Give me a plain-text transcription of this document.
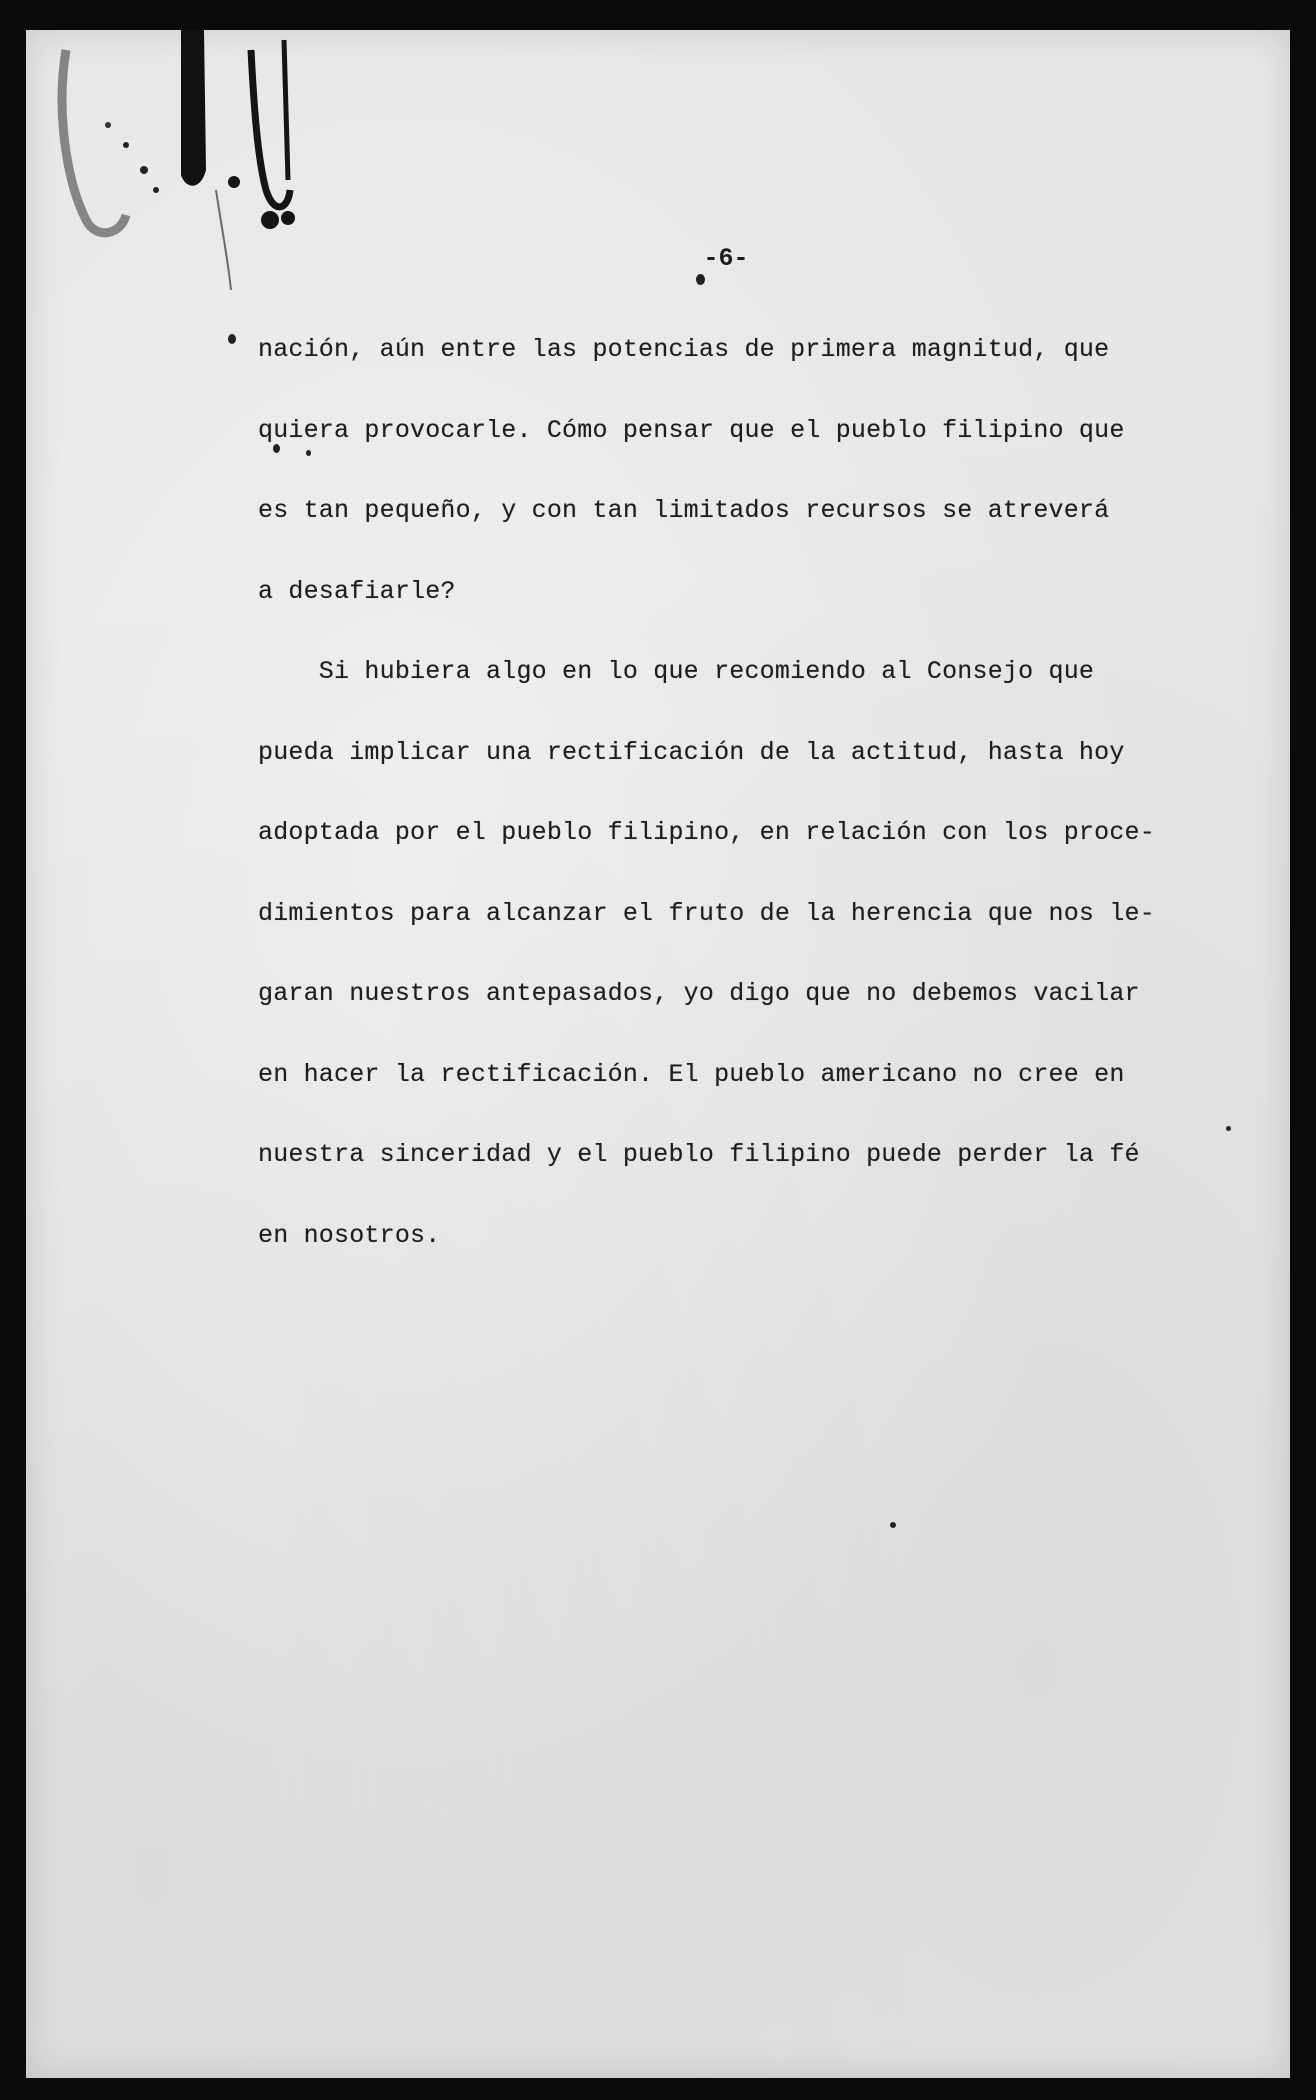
-6-

nación, aún entre las potencias de primera magnitud, que

quiera provocarle. Cómo pensar que el pueblo filipino que

es tan pequeño, y con tan limitados recursos se atreverá

a desafiarle?

Si hubiera algo en lo que recomiendo al Consejo que

pueda implicar una rectificación de la actitud, hasta hoy

adoptada por el pueblo filipino, en relación con los proce-

dimientos para alcanzar el fruto de la herencia que nos le-

garan nuestros antepasados, yo digo que no debemos vacilar

en hacer la rectificación. El pueblo americano no cree en

nuestra sinceridad y el pueblo filipino puede perder la fé

en nosotros.
